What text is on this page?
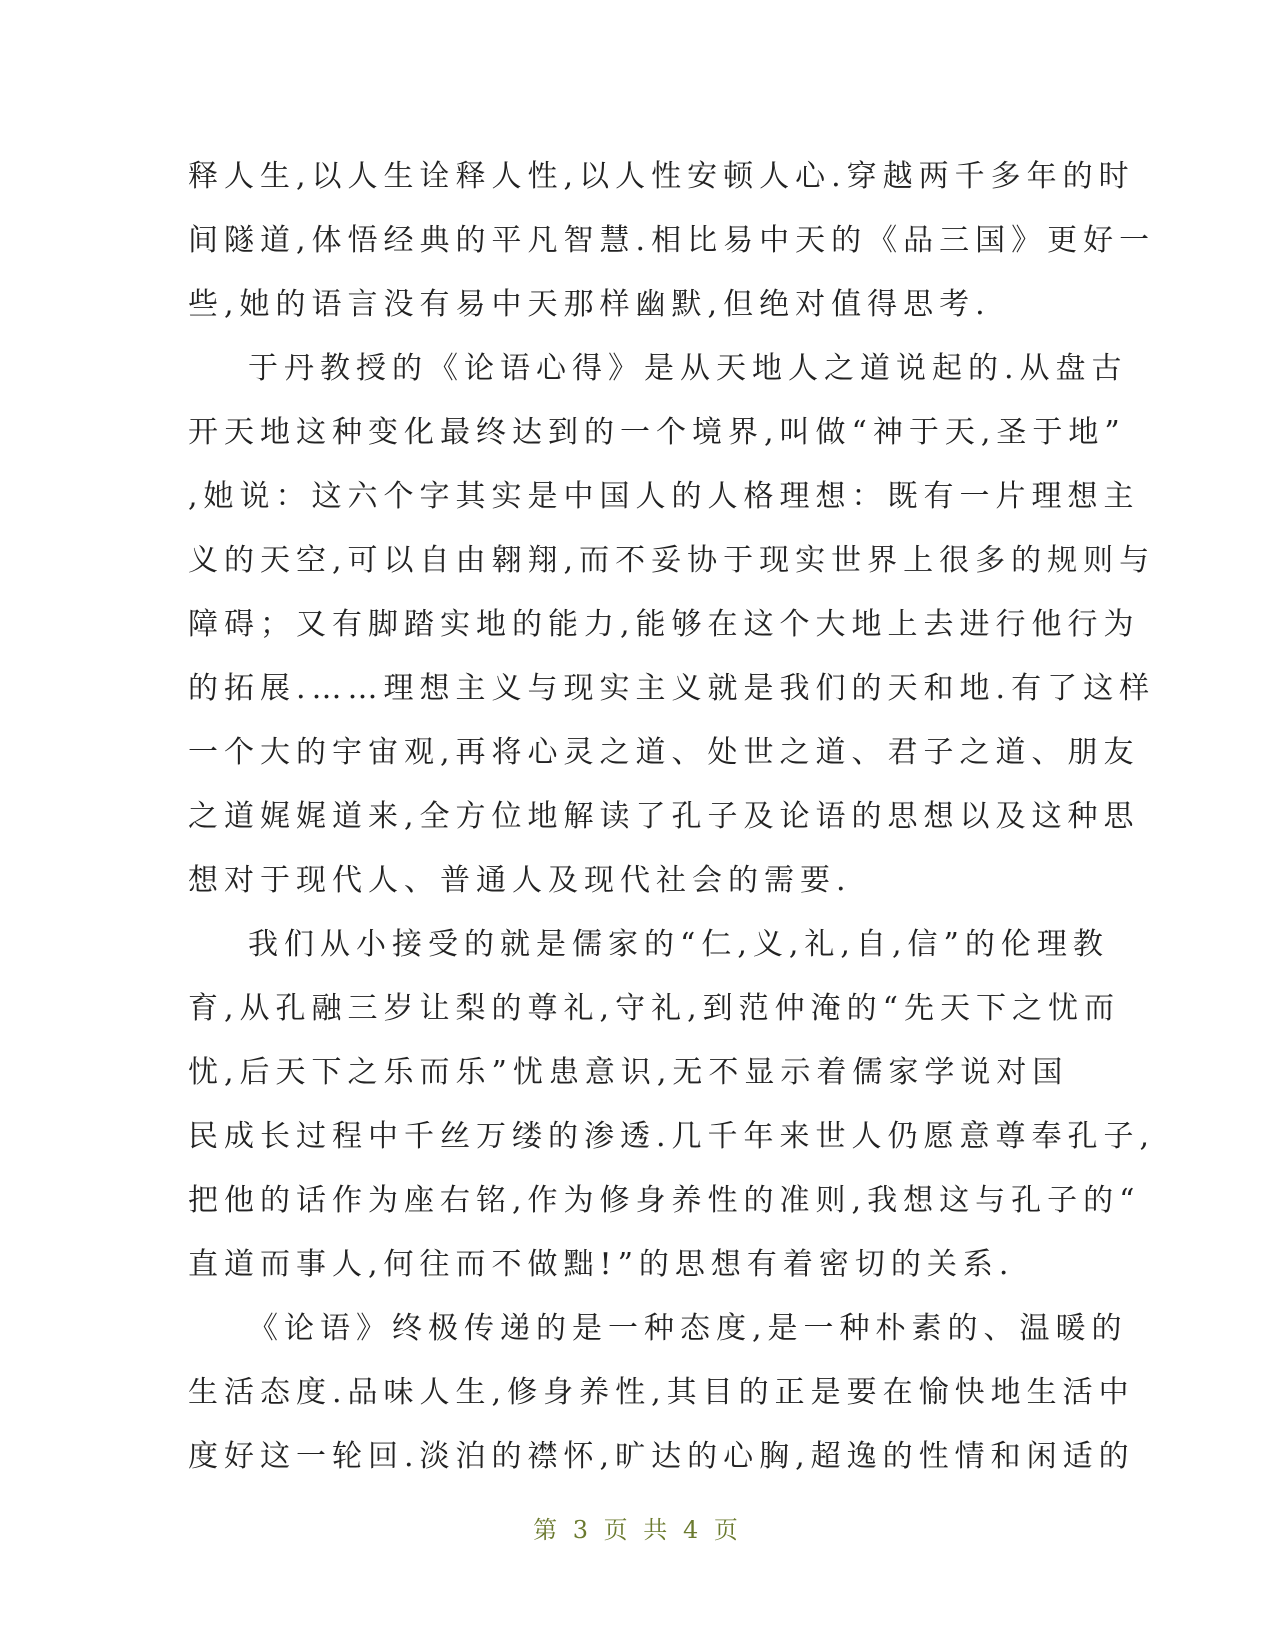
释人生,以人生诠释人性,以人性安顿人心.穿越两千多年的时
间隧道,体悟经典的平凡智慧.相比易中天的《品三国》更好一
些,她的语言没有易中天那样幽默,但绝对值得思考.
于丹教授的《论语心得》是从天地人之道说起的.从盘古
开天地这种变化最终达到的一个境界,叫做“神于天,圣于地”
,她说：这六个字其实是中国人的人格理想：既有一片理想主
义的天空,可以自由翱翔,而不妥协于现实世界上很多的规则与
障碍；又有脚踏实地的能力,能够在这个大地上去进行他行为
的拓展.……理想主义与现实主义就是我们的天和地.有了这样
一个大的宇宙观,再将心灵之道、处世之道、君子之道、朋友
之道娓娓道来,全方位地解读了孔子及论语的思想以及这种思
想对于现代人、普通人及现代社会的需要.
我们从小接受的就是儒家的“仁,义,礼,自,信”的伦理教
育,从孔融三岁让梨的尊礼,守礼,到范仲淹的“先天下之忧而
忧,后天下之乐而乐”忧患意识,无不显示着儒家学说对国
民成长过程中千丝万缕的渗透.几千年来世人仍愿意尊奉孔子,
把他的话作为座右铭,作为修身养性的准则,我想这与孔子的“
直道而事人,何往而不做黜!”的思想有着密切的关系.
《论语》终极传递的是一种态度,是一种朴素的、温暖的
生活态度.品味人生,修身养性,其目的正是要在愉快地生活中
度好这一轮回.淡泊的襟怀,旷达的心胸,超逸的性情和闲适的
第 3 页 共 4 页
